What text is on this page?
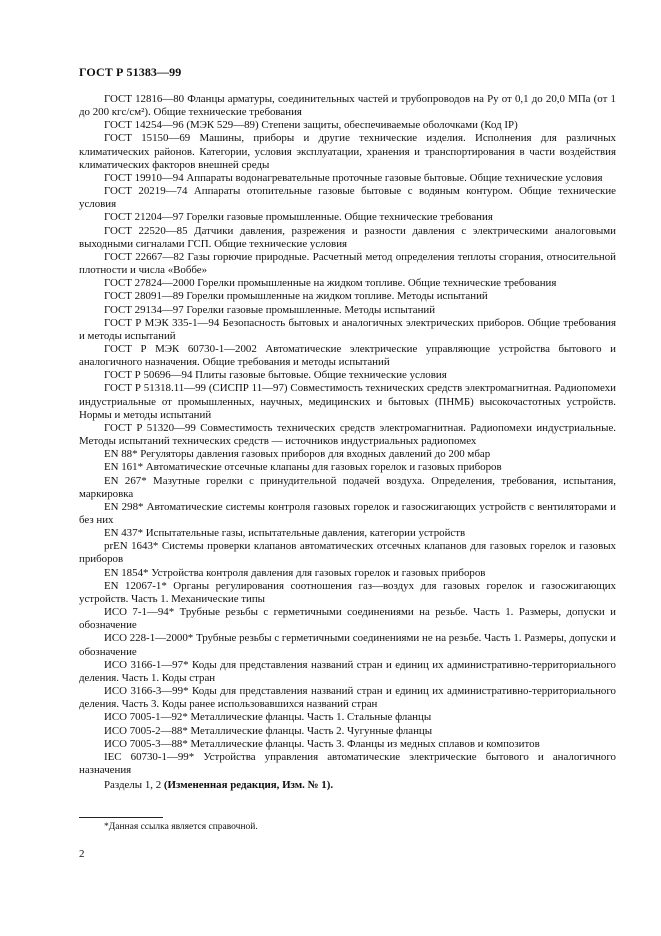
ГОСТ Р 51383—99

ГОСТ 12816—80 Фланцы арматуры, соединительных частей и трубопроводов на Pу от 0,1 до 20,0 МПа (от 1 до 200 кгс/см²). Общие технические требования

ГОСТ 14254—96 (МЭК 529—89) Степени защиты, обеспечиваемые оболочками (Код IP)

ГОСТ 15150—69 Машины, приборы и другие технические изделия. Исполнения для различных климатических районов. Категории, условия эксплуатации, хранения и транспортирования в части воздействия климатических факторов внешней среды

ГОСТ 19910—94 Аппараты водонагревательные проточные газовые бытовые. Общие технические условия

ГОСТ 20219—74 Аппараты отопительные газовые бытовые с водяным контуром. Общие технические условия

ГОСТ 21204—97 Горелки газовые промышленные. Общие технические требования

ГОСТ 22520—85 Датчики давления, разрежения и разности давления с электрическими аналоговыми выходными сигналами ГСП. Общие технические условия

ГОСТ 22667—82 Газы горючие природные. Расчетный метод определения теплоты сгорания, относительной плотности и числа «Воббе»

ГОСТ 27824—2000 Горелки промышленные на жидком топливе. Общие технические требования

ГОСТ 28091—89 Горелки промышленные на жидком топливе. Методы испытаний

ГОСТ 29134—97 Горелки газовые промышленные. Методы испытаний

ГОСТ Р МЭК 335-1—94 Безопасность бытовых и аналогичных электрических приборов. Общие требования и методы испытаний

ГОСТ Р МЭК 60730-1—2002 Автоматические электрические управляющие устройства бытового и аналогичного назначения. Общие требования и методы испытаний

ГОСТ Р 50696—94 Плиты газовые бытовые. Общие технические условия

ГОСТ Р 51318.11—99 (СИСПР 11—97) Совместимость технических средств электромагнитная. Радиопомехи индустриальные от промышленных, научных, медицинских и бытовых (ПНМБ) высокочастотных устройств. Нормы и методы испытаний

ГОСТ Р 51320—99 Совместимость технических средств электромагнитная. Радиопомехи индустриальные. Методы испытаний технических средств — источников индустриальных радиопомех

EN 88* Регуляторы давления газовых приборов для входных давлений до 200 мбар

EN 161* Автоматические отсечные клапаны для газовых горелок и газовых приборов

EN 267* Мазутные горелки с принудительной подачей воздуха. Определения, требования, испытания, маркировка

EN 298* Автоматические системы контроля газовых горелок и газосжигающих устройств с вентиляторами и без них

EN 437* Испытательные газы, испытательные давления, категории устройств

prEN 1643* Системы проверки клапанов автоматических отсечных клапанов для газовых горелок и газовых приборов

EN 1854* Устройства контроля давления для газовых горелок и газовых приборов

EN 12067-1* Органы регулирования соотношения газ—воздух для газовых горелок и газосжигающих устройств. Часть 1. Механические типы

ИСО 7-1—94* Трубные резьбы с герметичными соединениями на резьбе. Часть 1. Размеры, допуски и обозначение

ИСО 228-1—2000* Трубные резьбы с герметичными соединениями не на резьбе. Часть 1. Размеры, допуски и обозначение

ИСО 3166-1—97* Коды для представления названий стран и единиц их административно-территориального деления. Часть 1. Коды стран

ИСО 3166-3—99* Коды для представления названий стран и единиц их административно-территориального деления. Часть 3. Коды ранее использовавшихся названий стран

ИСО 7005-1—92* Металлические фланцы. Часть 1. Стальные фланцы

ИСО 7005-2—88* Металлические фланцы. Часть 2. Чугунные фланцы

ИСО 7005-3—88* Металлические фланцы. Часть 3. Фланцы из медных сплавов и композитов

IEC 60730-1—99* Устройства управления автоматические электрические бытового и аналогичного назначения

Разделы 1, 2 (Измененная редакция, Изм. № 1).

*Данная ссылка является справочной.
2
